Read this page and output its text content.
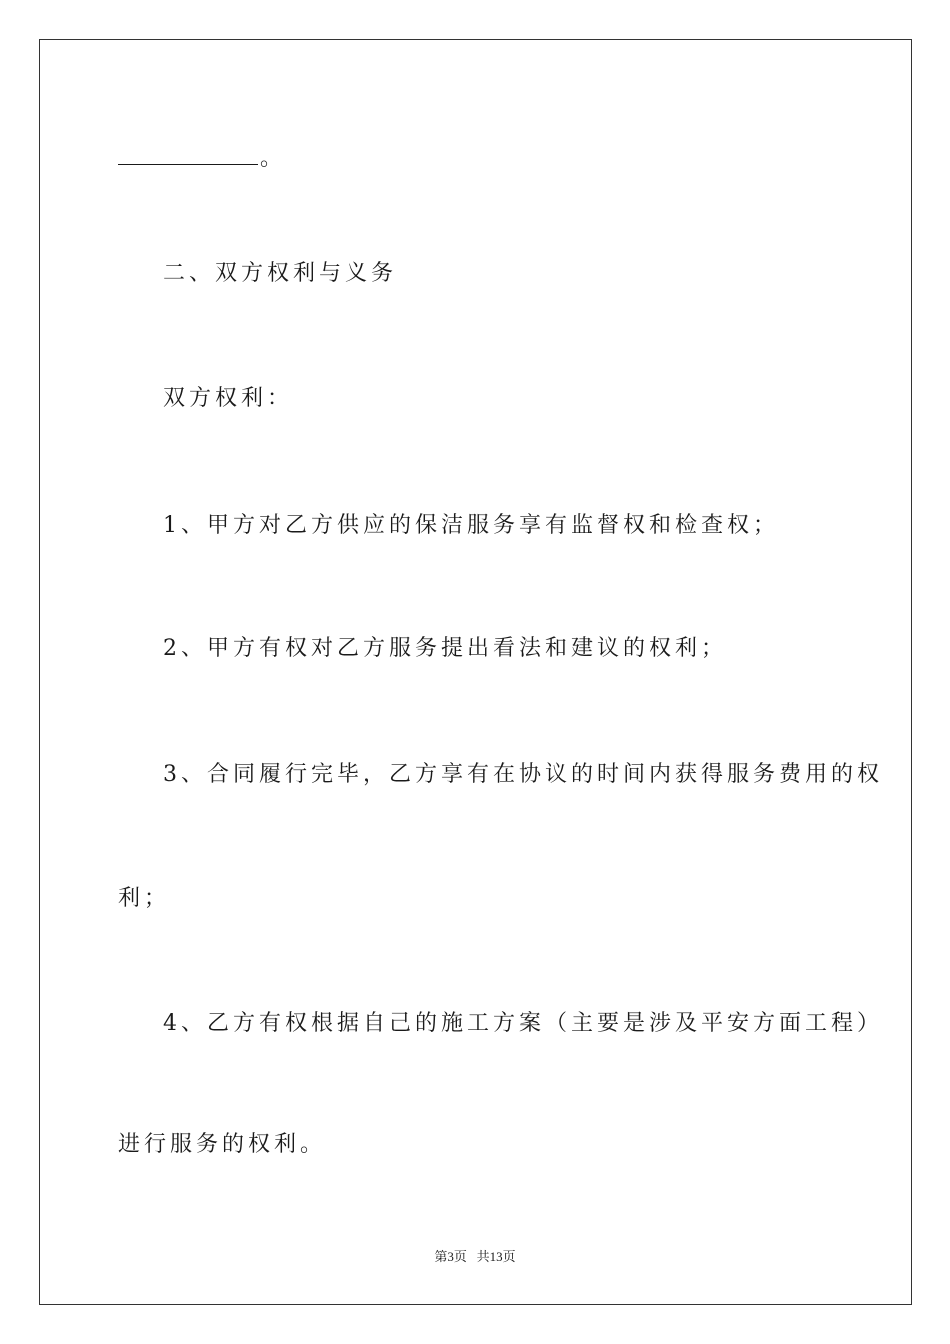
。
二、双方权利与义务
双方权利：
1、甲方对乙方供应的保洁服务享有监督权和检查权；
2、甲方有权对乙方服务提出看法和建议的权利；
3、合同履行完毕，乙方享有在协议的时间内获得服务费用的权
利；
4、乙方有权根据自己的施工方案（主要是涉及平安方面工程）
进行服务的权利。
第3页 共13页
